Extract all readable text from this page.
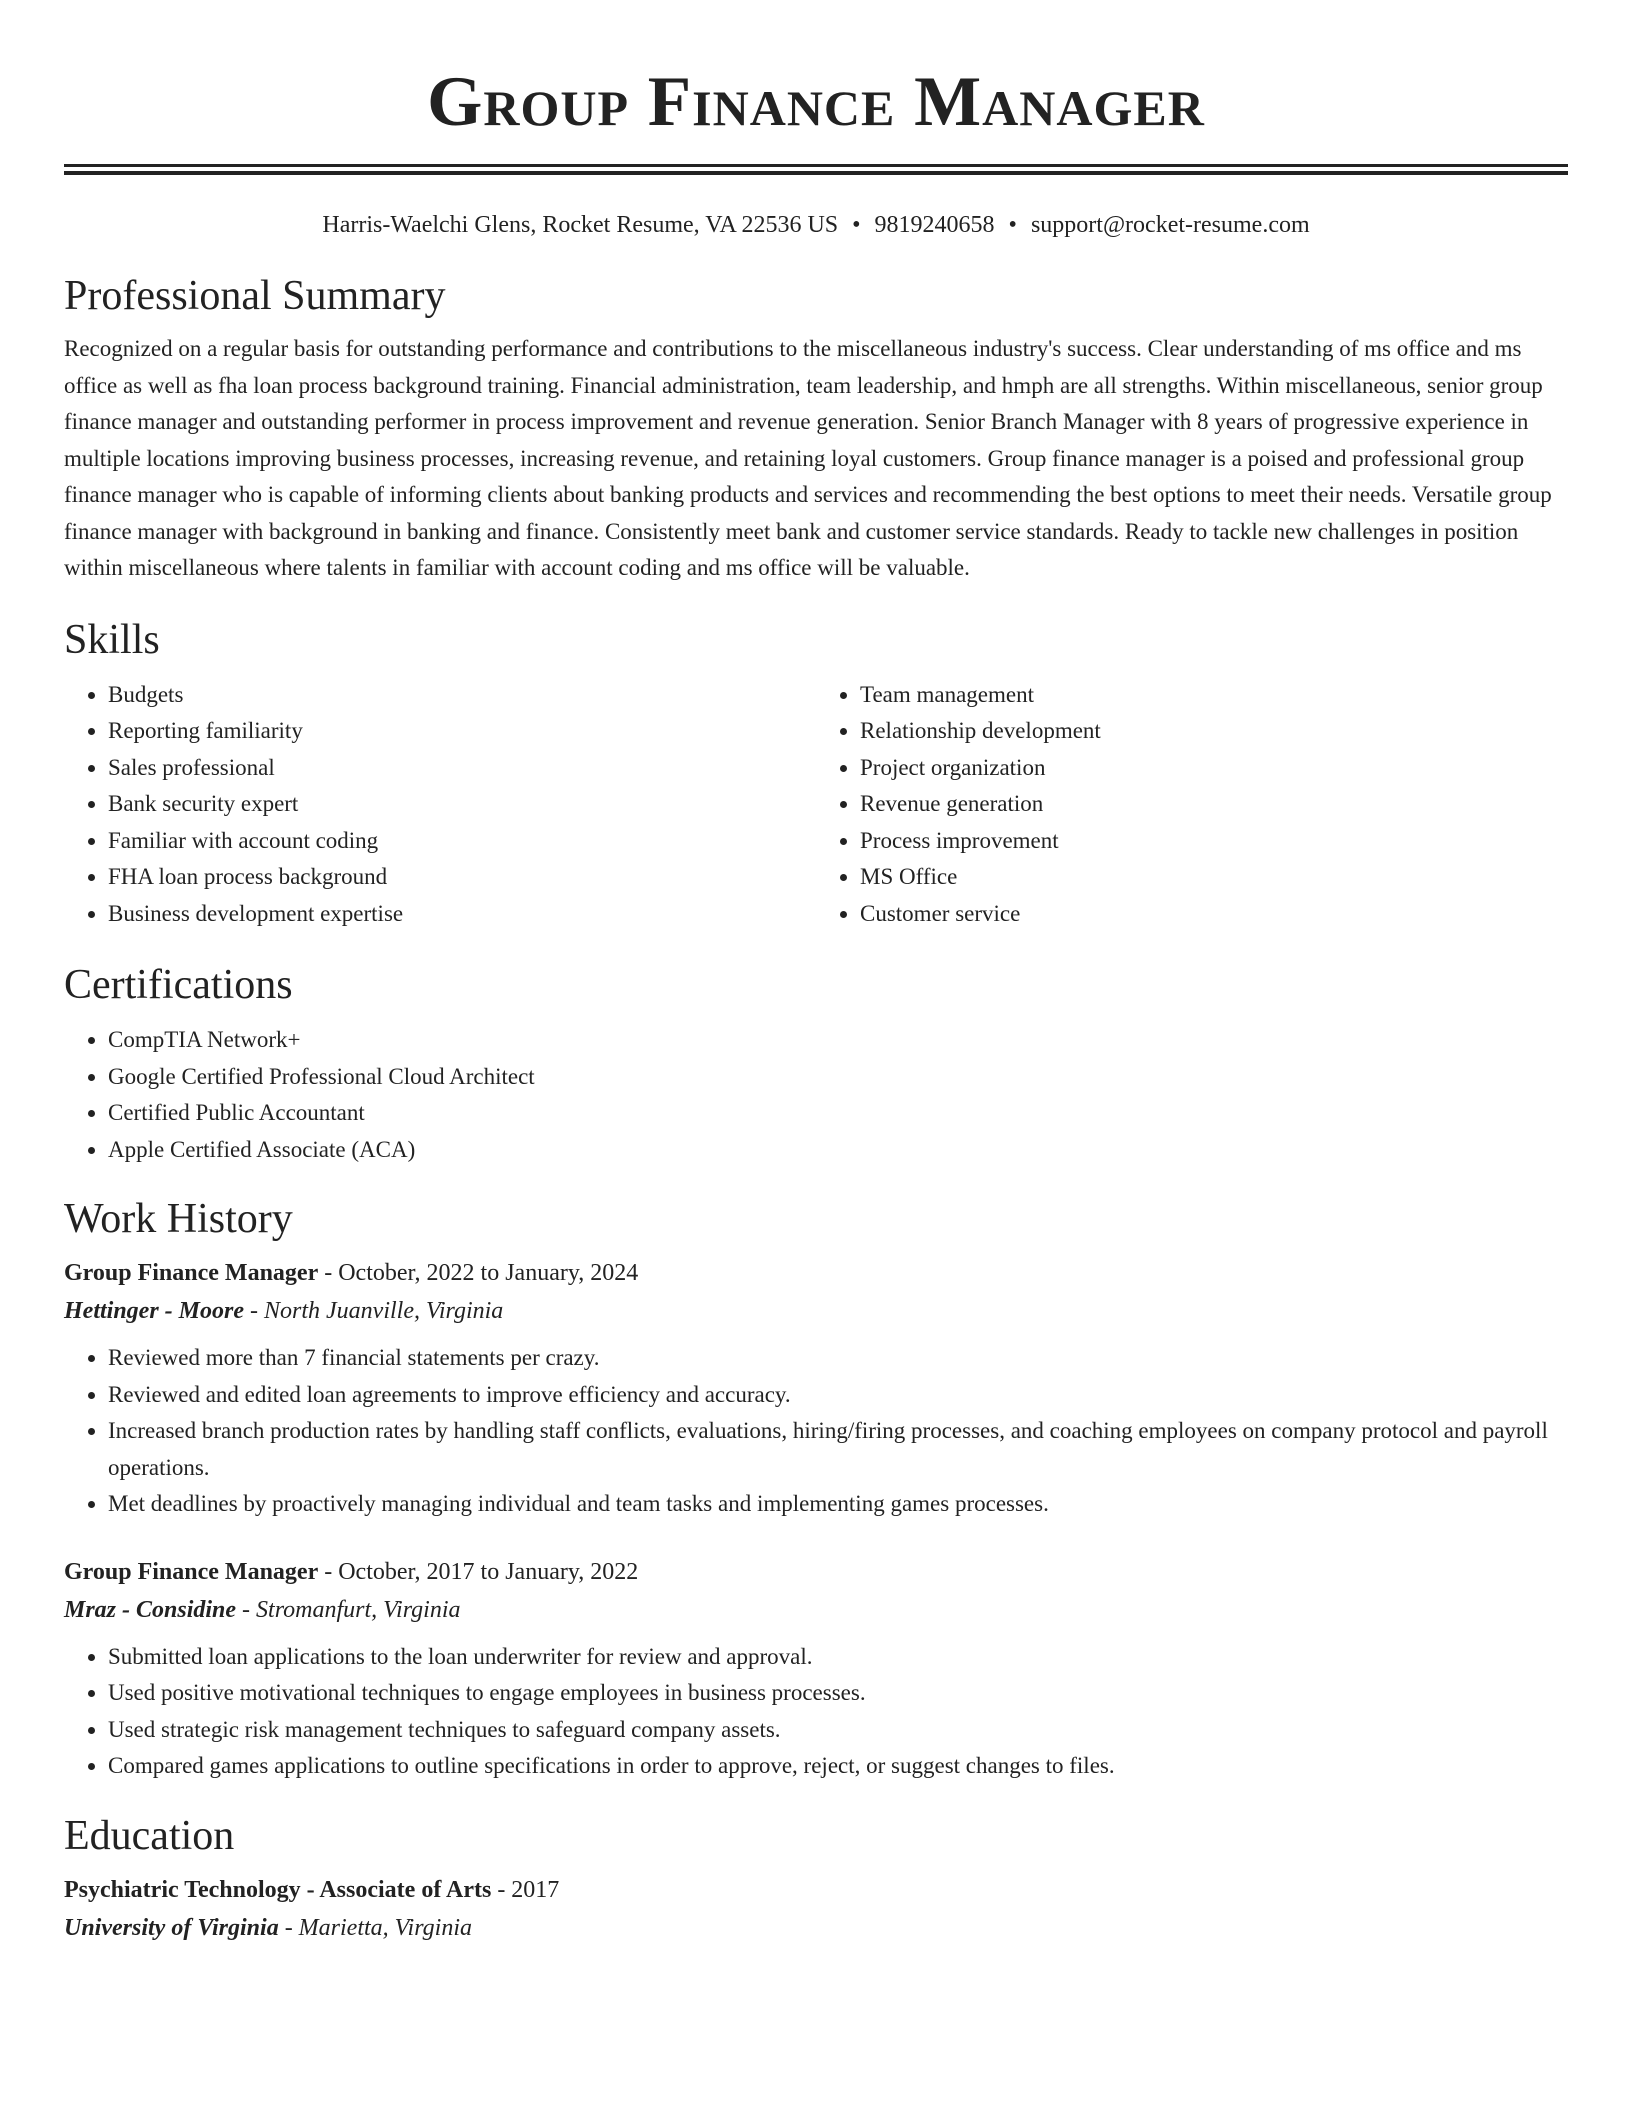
Group Finance Manager
Harris-Waelchi Glens, Rocket Resume, VA 22536 US • 9819240658 • support@rocket-resume.com
Professional Summary

Recognized on a regular basis for outstanding performance and contributions to the miscellaneous industry's success. Clear understanding of ms office and ms office as well as fha loan process background training. Financial administration, team leadership, and hmph are all strengths. Within miscellaneous, senior group finance manager and outstanding performer in process improvement and revenue generation. Senior Branch Manager with 8 years of progressive experience in multiple locations improving business processes, increasing revenue, and retaining loyal customers. Group finance manager is a poised and professional group finance manager who is capable of informing clients about banking products and services and recommending the best options to meet their needs. Versatile group finance manager with background in banking and finance. Consistently meet bank and customer service standards. Ready to tackle new challenges in position within miscellaneous where talents in familiar with account coding and ms office will be valuable.

Skills
• Budgets
• Reporting familiarity
• Sales professional
• Bank security expert
• Familiar with account coding
• FHA loan process background
• Business development expertise
• Team management
• Relationship development
• Project organization
• Revenue generation
• Process improvement
• MS Office
• Customer service
Certifications
• CompTIA Network+
• Google Certified Professional Cloud Architect
• Certified Public Accountant
• Apple Certified Associate (ACA)
Work History
Group Finance Manager - October, 2022 to January, 2024
Hettinger - Moore - North Juanville, Virginia
• Reviewed more than 7 financial statements per crazy.
• Reviewed and edited loan agreements to improve efficiency and accuracy.
• Increased branch production rates by handling staff conflicts, evaluations, hiring/firing processes, and coaching employees on company protocol and payroll operations.
• Met deadlines by proactively managing individual and team tasks and implementing games processes.
Group Finance Manager - October, 2017 to January, 2022
Mraz - Considine - Stromanfurt, Virginia
• Submitted loan applications to the loan underwriter for review and approval.
• Used positive motivational techniques to engage employees in business processes.
• Used strategic risk management techniques to safeguard company assets.
• Compared games applications to outline specifications in order to approve, reject, or suggest changes to files.
Education
Psychiatric Technology - Associate of Arts - 2017
University of Virginia - Marietta, Virginia
